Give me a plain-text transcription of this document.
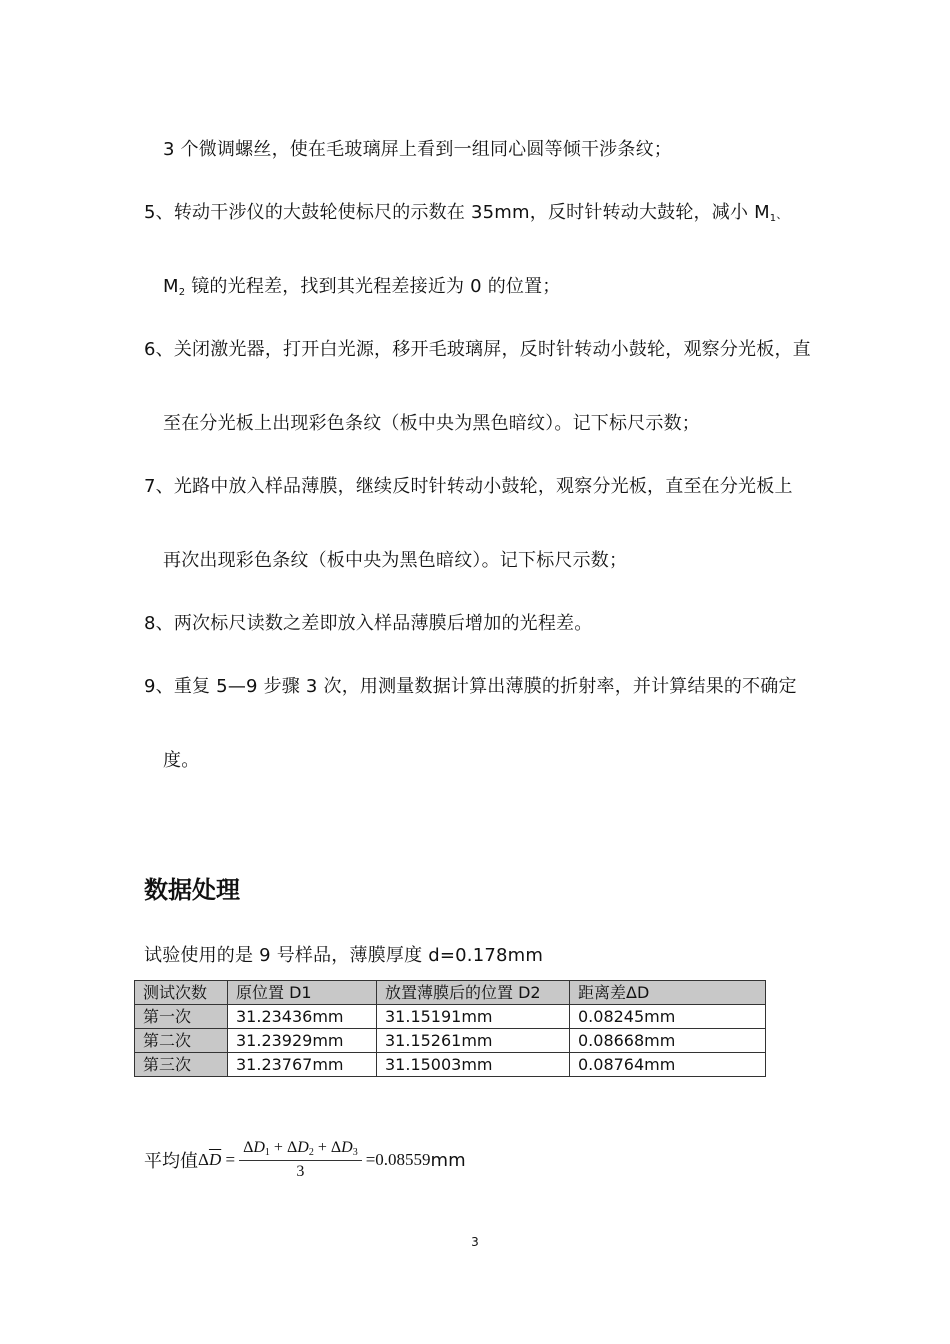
3 个微调螺丝，使在毛玻璃屏上看到一组同心圆等倾干涉条纹；
5、转动干涉仪的大鼓轮使标尺的示数在 35mm，反时针转动大鼓轮，减小 $M_1$、
$M_2$ 镜的光程差，找到其光程差接近为 0 的位置；
6、关闭激光器，打开白光源，移开毛玻璃屏，反时针转动小鼓轮，观察分光板，直
至在分光板上出现彩色条纹（板中央为黑色暗纹）。记下标尺示数；
7、光路中放入样品薄膜，继续反时针转动小鼓轮，观察分光板，直至在分光板上
再次出现彩色条纹（板中央为黑色暗纹）。记下标尺示数；
8、两次标尺读数之差即放入样品薄膜后增加的光程差。
9、重复 5—9 步骤 3 次，用测量数据计算出薄膜的折射率，并计算结果的不确定
度。
数据处理
试验使用的是 9 号样品，薄膜厚度 d=0.178mm
测试次数	原位置 D1	放置薄膜后的位置 D2	距离差ΔD
第一次	31.23436mm	31.15191mm	0.08245mm
第二次	31.23929mm	31.15261mm	0.08668mm
第三次	31.23767mm	31.15003mm	0.08764mm
平均值 $\Delta\overline{D} = \frac{\Delta D_1 + \Delta D_2 + \Delta D_3}{3} =0.08559$ mm
3
